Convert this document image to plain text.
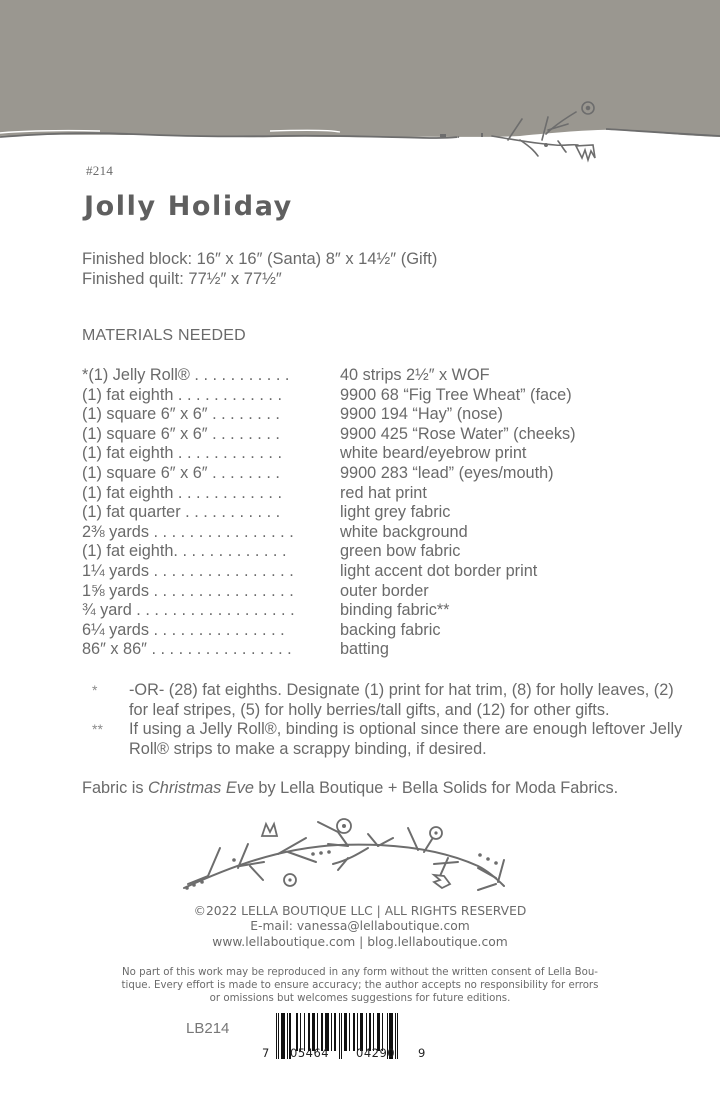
#214
Jolly Holiday
Finished block: 16″ x 16″ (Santa) 8″ x 14½″ (Gift)
Finished quilt: 77½″ x 77½″
MATERIALS NEEDED
*(1) Jelly Roll® . . . . . . . . . . .	40 strips 2½″ x WOF
(1) fat eighth . . . . . . . . . . . .	9900 68 “Fig Tree Wheat” (face)
(1) square 6″ x 6″ . . . . . . . .	9900 194 “Hay” (nose)
(1) square 6″ x 6″ . . . . . . . .	9900 425 “Rose Water” (cheeks)
(1) fat eighth . . . . . . . . . . . .	white beard/eyebrow print
(1) square 6″ x 6″ . . . . . . . .	9900 283 “lead” (eyes/mouth)
(1) fat eighth . . . . . . . . . . . .	red hat print
(1) fat quarter . . . . . . . . . . .	light grey fabric
2⅜ yards . . . . . . . . . . . . . . . .	white background
(1) fat eighth. . . . . . . . . . . . .	green bow fabric
1¼ yards . . . . . . . . . . . . . . . .	light accent dot border print
1⅝ yards . . . . . . . . . . . . . . . .	outer border
¾ yard . . . . . . . . . . . . . . . . . .	binding fabric**
6¼ yards . . . . . . . . . . . . . . .	backing fabric
86″ x 86″ . . . . . . . . . . . . . . . .	batting
*	-OR- (28) fat eighths. Designate (1) print for hat trim, (8) for holly leaves, (2) for leaf stripes, (5) for holly berries/tall gifts, and (12) for other gifts.
**	If using a Jelly Roll®, binding is optional since there are enough leftover Jelly Roll® strips to make a scrappy binding, if desired.
Fabric is Christmas Eve by Lella Boutique + Bella Solids for Moda Fabrics.
©2022 LELLA BOUTIQUE LLC | ALL RIGHTS RESERVED
E-mail: vanessa@lellaboutique.com
www.lellaboutique.com | blog.lellaboutique.com
No part of this work may be reproduced in any form without the written consent of Lella Bou-
tique. Every effort is made to ensure accuracy; the author accepts no responsibility for errors
or omissions but welcomes suggestions for future editions.
LB214
7 05464 04290 9
